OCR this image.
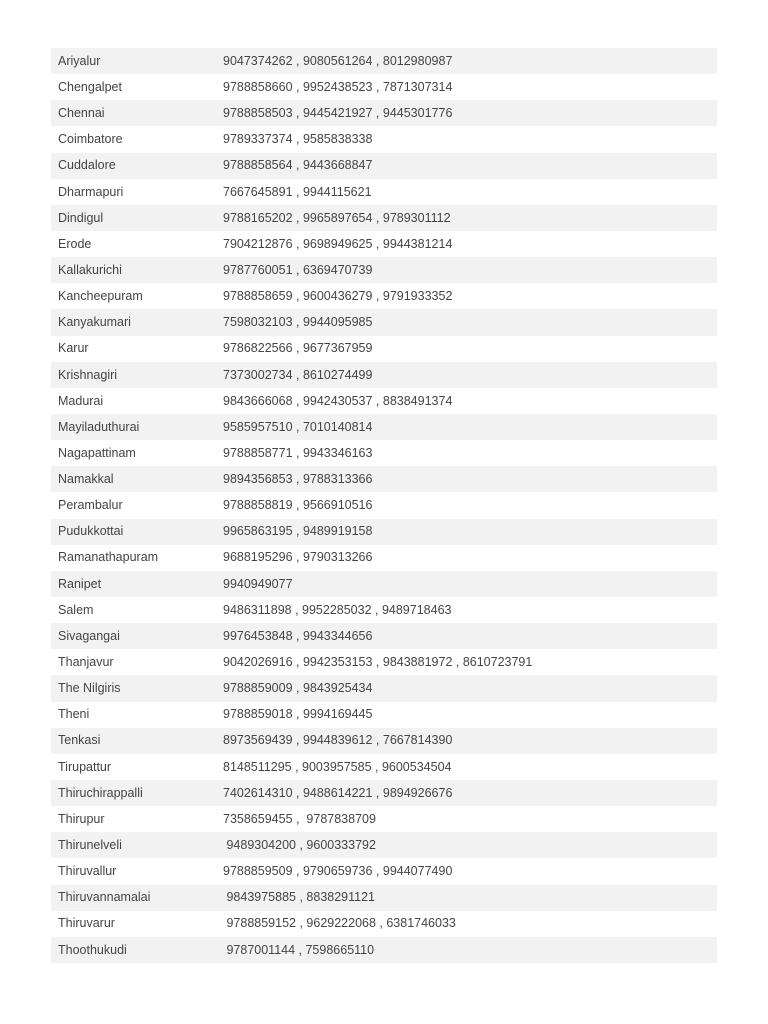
Ariyalur	9047374262 , 9080561264 , 8012980987
Chengalpet	9788858660 , 9952438523 , 7871307314
Chennai	9788858503 , 9445421927 , 9445301776
Coimbatore	9789337374 , 9585838338
Cuddalore	9788858564 , 9443668847
Dharmapuri	7667645891 , 9944115621
Dindigul	9788165202 , 9965897654 , 9789301112
Erode	7904212876 , 9698949625 , 9944381214
Kallakurichi	9787760051 , 6369470739
Kancheepuram	9788858659 , 9600436279 , 9791933352
Kanyakumari	7598032103 , 9944095985
Karur	9786822566 , 9677367959
Krishnagiri	7373002734 , 8610274499
Madurai	9843666068 , 9942430537 , 8838491374
Mayiladuthurai	9585957510 , 7010140814
Nagapattinam	9788858771 , 9943346163
Namakkal	9894356853 , 9788313366
Perambalur	9788858819 , 9566910516
Pudukkottai	9965863195 , 9489919158
Ramanathapuram	9688195296 , 9790313266
Ranipet	9940949077
Salem	9486311898 , 9952285032 , 9489718463
Sivagangai	9976453848 , 9943344656
Thanjavur	9042026916 , 9942353153 , 9843881972 , 8610723791
The Nilgiris	9788859009 , 9843925434
Theni	9788859018 , 9994169445
Tenkasi	8973569439 , 9944839612 , 7667814390
Tirupattur	8148511295 , 9003957585 , 9600534504
Thiruchirappalli	7402614310 , 9488614221 , 9894926676
Thirupur	7358659455 ,  9787838709
Thirunelveli	9489304200 , 9600333792
Thiruvallur	9788859509 , 9790659736 , 9944077490
Thiruvannamalai	9843975885 , 8838291121
Thiruvarur	9788859152 , 9629222068 , 6381746033
Thoothukudi	9787001144 , 7598665110
